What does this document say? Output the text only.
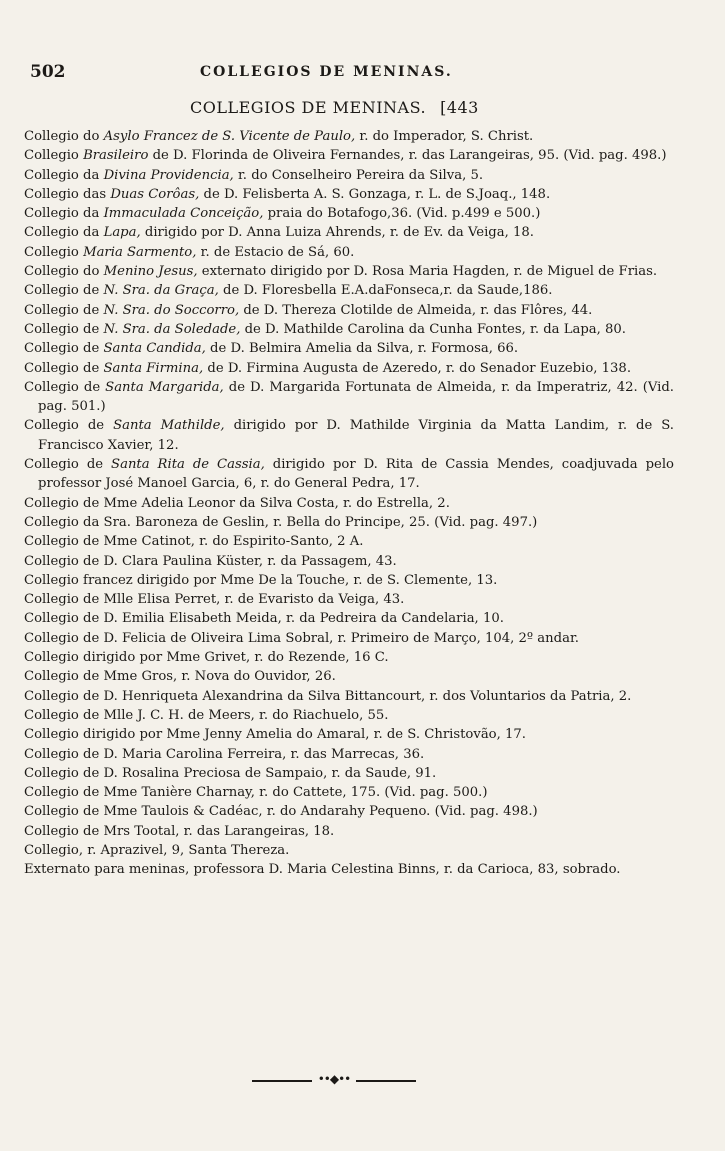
502	COLLEGIOS DE MENINAS.
COLLEGIOS DE MENINAS. [443

Collegio do Asylo Francez de S. Vicente de Paulo, r. do Imperador, S. Christ.

Collegio Brasileiro de D. Florinda de Oliveira Fernandes, r. das Larangeiras, 95. (Vid. pag. 498.)

Collegio da Divina Providencia, r. do Conselheiro Pereira da Silva, 5.

Collegio das Duas Corôas, de D. Felisberta A. S. Gonzaga, r. L. de S.Joaq., 148.

Collegio da Immaculada Conceição, praia do Botafogo,36. (Vid. p.499 e 500.)

Collegio da Lapa, dirigido por D. Anna Luiza Ahrends, r. de Ev. da Veiga, 18.

Collegio Maria Sarmento, r. de Estacio de Sá, 60.

Collegio do Menino Jesus, externato dirigido por D. Rosa Maria Hagden, r. de Miguel de Frias.

Collegio de N. Sra. da Graça, de D. Floresbella E.A.daFonseca,r. da Saude,186.

Collegio de N. Sra. do Soccorro, de D. Thereza Clotilde de Almeida, r. das Flôres, 44.

Collegio de N. Sra. da Soledade, de D. Mathilde Carolina da Cunha Fontes, r. da Lapa, 80.

Collegio de Santa Candida, de D. Belmira Amelia da Silva, r. Formosa, 66.

Collegio de Santa Firmina, de D. Firmina Augusta de Azeredo, r. do Senador Euzebio, 138.

Collegio de Santa Margarida, de D. Margarida Fortunata de Almeida, r. da Imperatriz, 42. (Vid. pag. 501.)

Collegio de Santa Mathilde, dirigido por D. Mathilde Virginia da Matta Landim, r. de S. Francisco Xavier, 12.

Collegio de Santa Rita de Cassia, dirigido por D. Rita de Cassia Mendes, coadjuvada pelo professor José Manoel Garcia, 6, r. do General Pedra, 17.

Collegio de Mme Adelia Leonor da Silva Costa, r. do Estrella, 2.

Collegio da Sra. Baroneza de Geslin, r. Bella do Principe, 25. (Vid. pag. 497.)

Collegio de Mme Catinot, r. do Espirito-Santo, 2 A.

Collegio de D. Clara Paulina Küster, r. da Passagem, 43.

Collegio francez dirigido por Mme De la Touche, r. de S. Clemente, 13.

Collegio de Mlle Elisa Perret, r. de Evaristo da Veiga, 43.

Collegio de D. Emilia Elisabeth Meida, r. da Pedreira da Candelaria, 10.

Collegio de D. Felicia de Oliveira Lima Sobral, r. Primeiro de Março, 104, 2º andar.

Collegio dirigido por Mme Grivet, r. do Rezende, 16 C.

Collegio de Mme Gros, r. Nova do Ouvidor, 26.

Collegio de D. Henriqueta Alexandrina da Silva Bittancourt, r. dos Voluntarios da Patria, 2.

Collegio de Mlle J. C. H. de Meers, r. do Riachuelo, 55.

Collegio dirigido por Mme Jenny Amelia do Amaral, r. de S. Christovão, 17.

Collegio de D. Maria Carolina Ferreira, r. das Marrecas, 36.

Collegio de D. Rosalina Preciosa de Sampaio, r. da Saude, 91.

Collegio de Mme Tanière Charnay, r. do Cattete, 175. (Vid. pag. 500.)

Collegio de Mme Taulois & Cadéac, r. do Andarahy Pequeno. (Vid. pag. 498.)

Collegio de Mrs Tootal, r. das Larangeiras, 18.

Collegio, r. Aprazivel, 9, Santa Thereza.

Externato para meninas, professora D. Maria Celestina Binns, r. da Carioca, 83, sobrado.

••◆••
